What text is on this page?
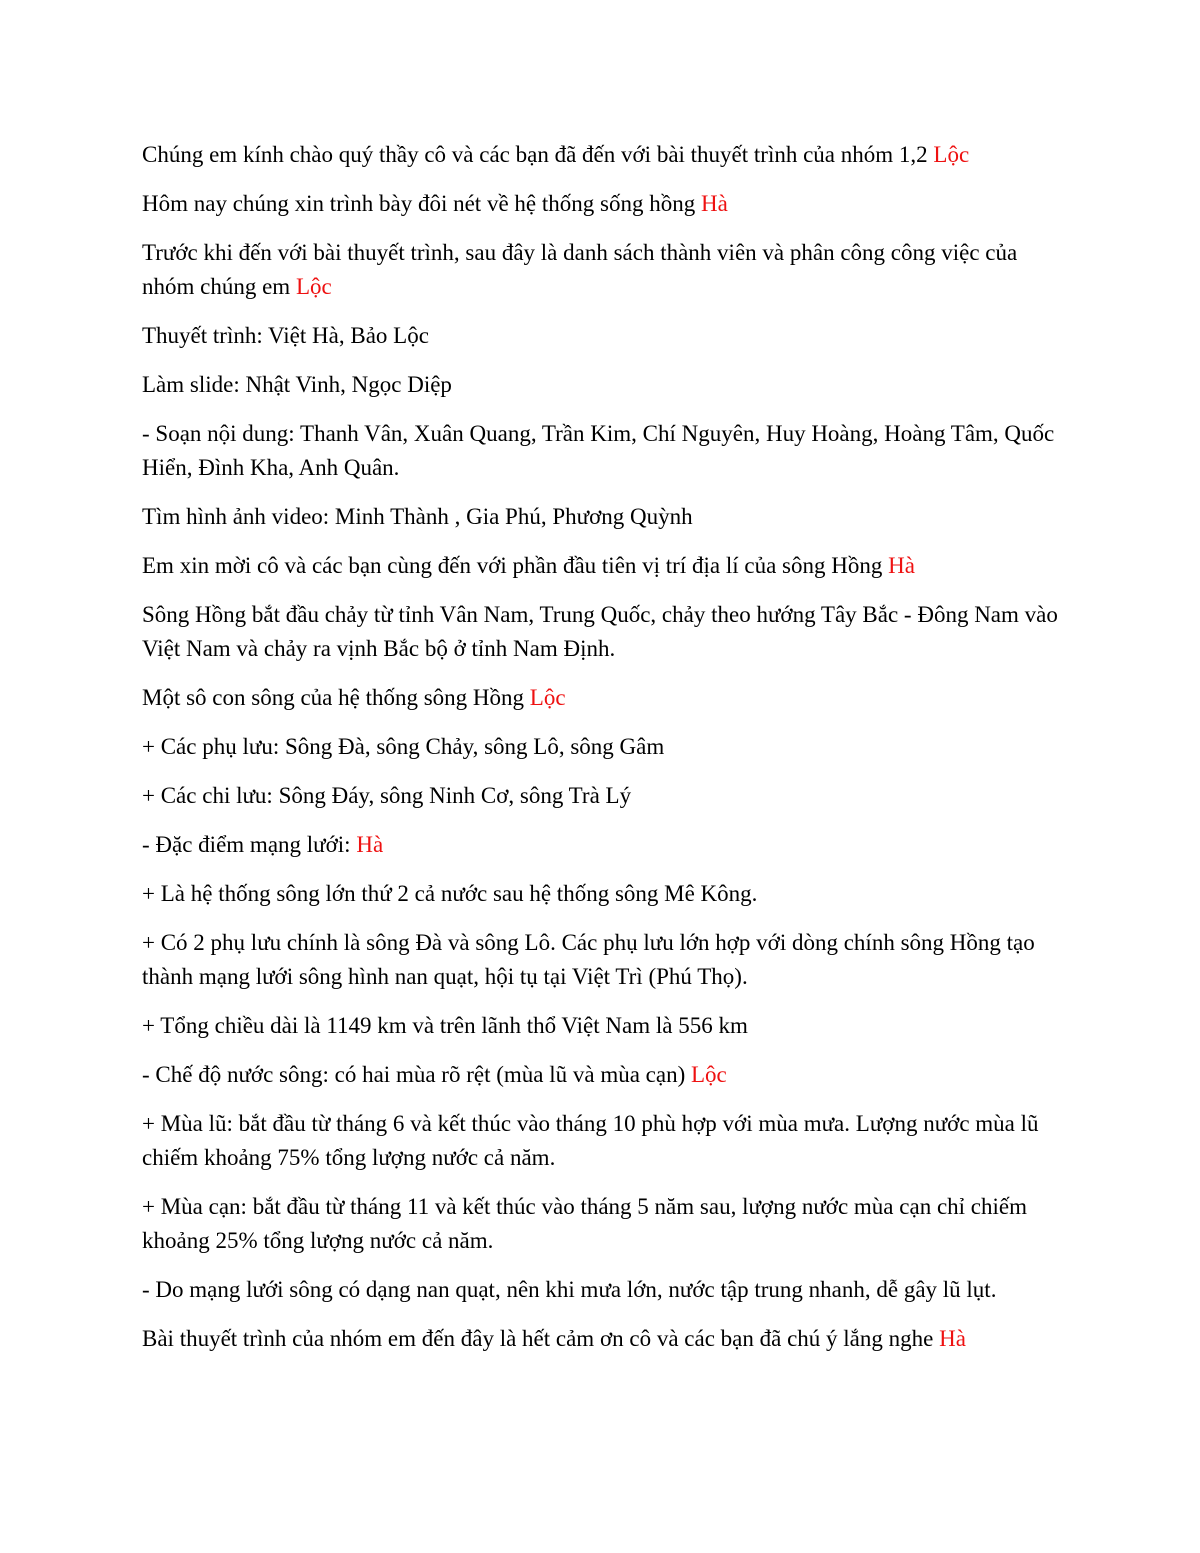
Chúng em kính chào quý thầy cô và các bạn đã đến với bài thuyết trình của nhóm 1,2 Lộc

Hôm nay chúng xin trình bày đôi nét về hệ thống sống hồng Hà

Trước khi đến với bài thuyết trình, sau đây là danh sách thành viên và phân công công việc của nhóm chúng em Lộc

Thuyết trình: Việt Hà, Bảo Lộc

Làm slide: Nhật Vinh, Ngọc Diệp

- Soạn nội dung: Thanh Vân, Xuân Quang, Trần Kim, Chí Nguyên, Huy Hoàng, Hoàng Tâm, Quốc Hiển, Đình Kha, Anh Quân.

Tìm hình ảnh video: Minh Thành , Gia Phú, Phương Quỳnh

Em xin mời cô và các bạn cùng đến với phần đầu tiên vị trí địa lí của sông Hồng Hà

Sông Hồng bắt đầu chảy từ tỉnh Vân Nam, Trung Quốc, chảy theo hướng Tây Bắc - Đông Nam vào Việt Nam và chảy ra vịnh Bắc bộ ở tỉnh Nam Định.

Một sô con sông của hệ thống sông Hồng Lộc

+ Các phụ lưu: Sông Đà, sông Chảy, sông Lô, sông Gâm

+ Các chi lưu: Sông Đáy, sông Ninh Cơ, sông Trà Lý

- Đặc điểm mạng lưới: Hà

+ Là hệ thống sông lớn thứ 2 cả nước sau hệ thống sông Mê Kông.

+ Có 2 phụ lưu chính là sông Đà và sông Lô. Các phụ lưu lớn hợp với dòng chính sông Hồng tạo thành mạng lưới sông hình nan quạt, hội tụ tại Việt Trì (Phú Thọ).

+ Tổng chiều dài là 1149 km và trên lãnh thổ Việt Nam là 556 km

- Chế độ nước sông: có hai mùa rõ rệt (mùa lũ và mùa cạn) Lộc

+ Mùa lũ: bắt đầu từ tháng 6 và kết thúc vào tháng 10 phù hợp với mùa mưa. Lượng nước mùa lũ chiếm khoảng 75% tổng lượng nước cả năm.

+ Mùa cạn: bắt đầu từ tháng 11 và kết thúc vào tháng 5 năm sau, lượng nước mùa cạn chỉ chiếm khoảng 25% tổng lượng nước cả năm.

- Do mạng lưới sông có dạng nan quạt, nên khi mưa lớn, nước tập trung nhanh, dễ gây lũ lụt.

Bài thuyết trình của nhóm em đến đây là hết cảm ơn cô và các bạn đã chú ý lắng nghe Hà
